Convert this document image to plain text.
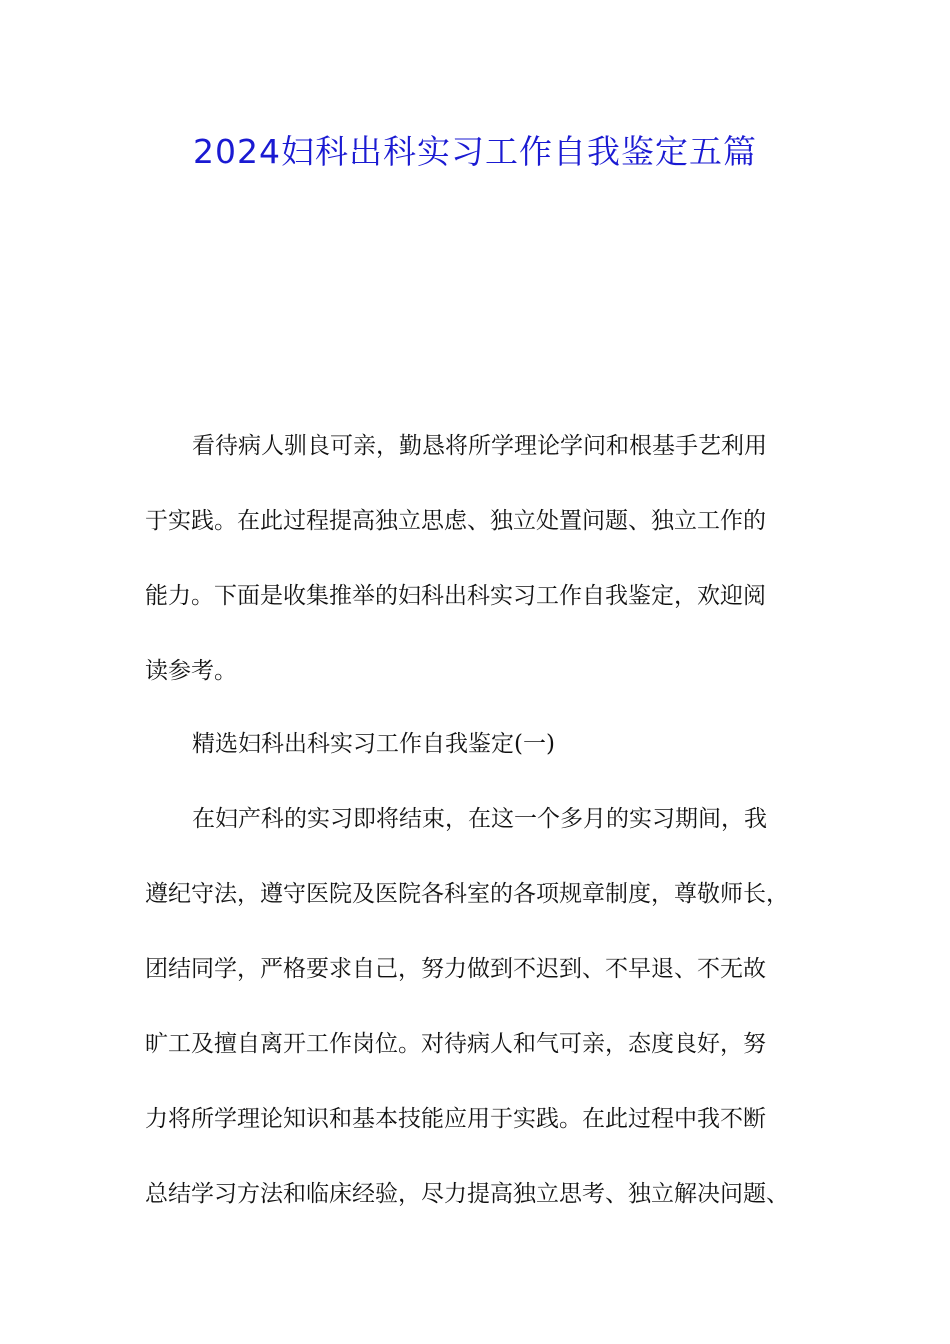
2024妇科出科实习工作自我鉴定五篇
看待病人驯良可亲，勤恳将所学理论学问和根基手艺利用
于实践。在此过程提高独立思虑、独立处置问题、独立工作的
能力。下面是收集推举的妇科出科实习工作自我鉴定，欢迎阅
读参考。
精选妇科出科实习工作自我鉴定(一)
在妇产科的实习即将结束，在这一个多月的实习期间，我
遵纪守法，遵守医院及医院各科室的各项规章制度，尊敬师长，
团结同学，严格要求自己，努力做到不迟到、不早退、不无故
旷工及擅自离开工作岗位。对待病人和气可亲，态度良好，努
力将所学理论知识和基本技能应用于实践。在此过程中我不断
总结学习方法和临床经验，尽力提高独立思考、独立解决问题、
